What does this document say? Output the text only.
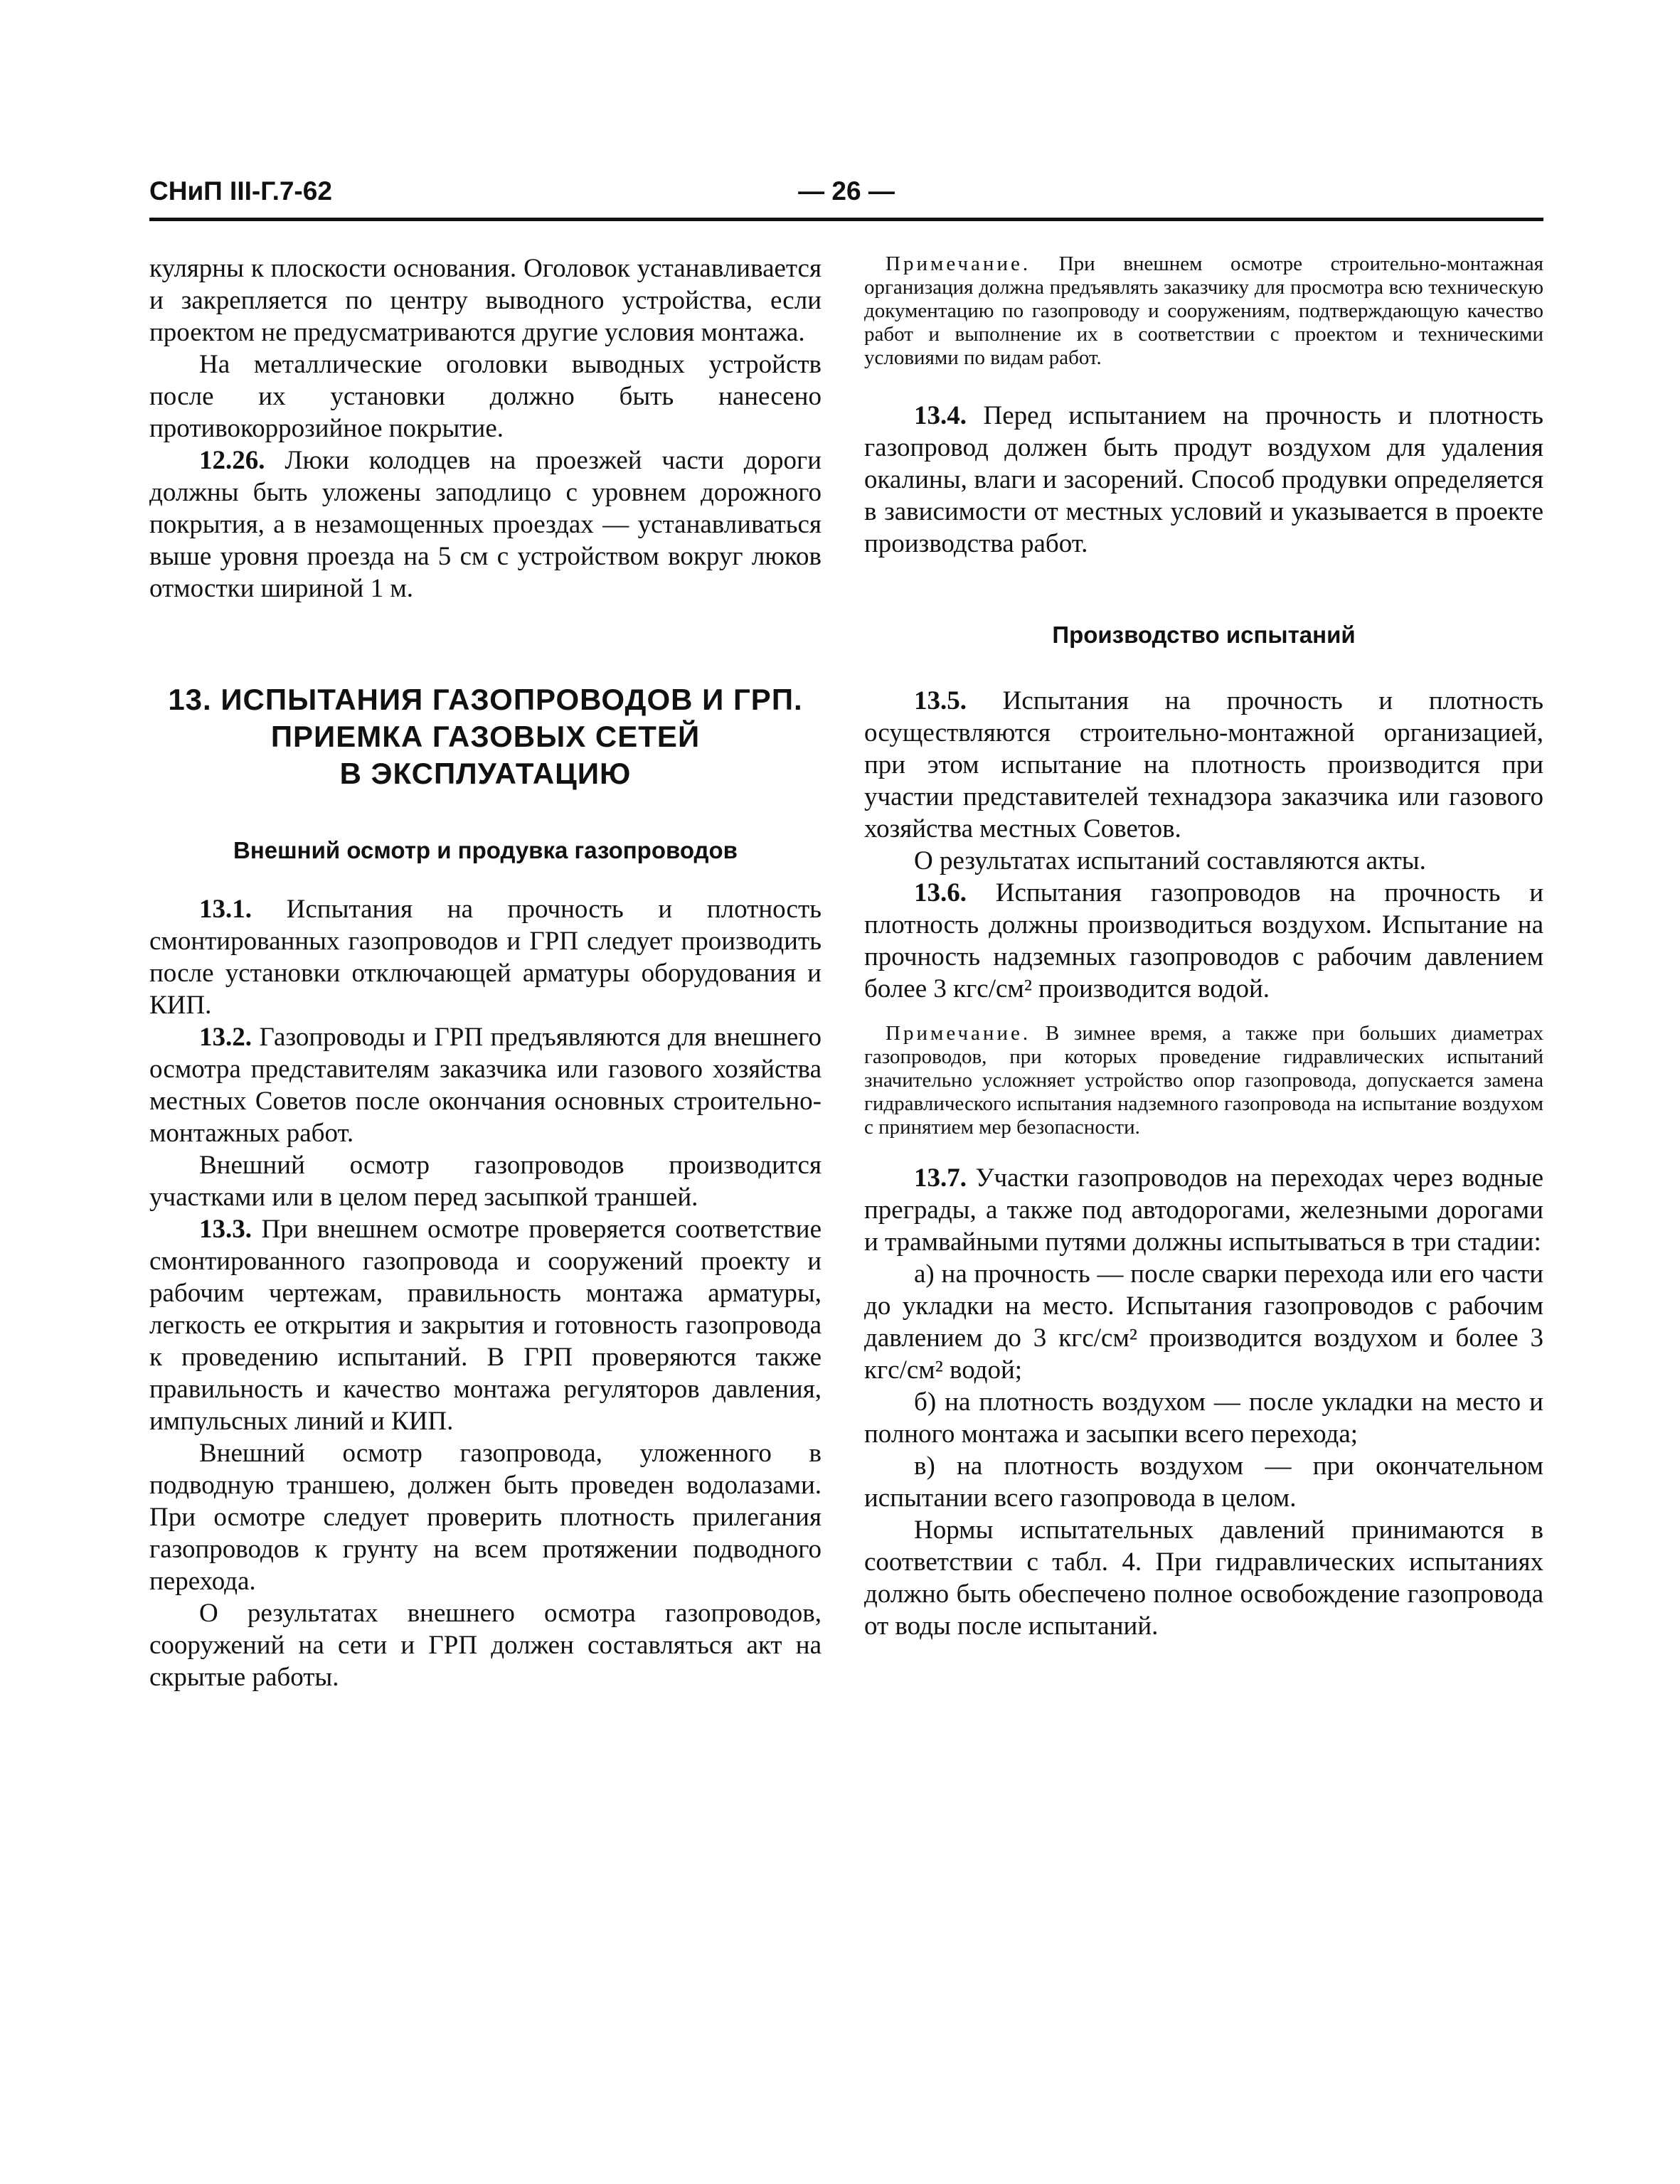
СНиП III-Г.7-62	— 26 —

кулярны к плоскости основания. Оголовок устанавливается и закрепляется по центру выводного устройства, если проектом не предусматриваются другие условия монтажа.

На металлические оголовки выводных устройств после их установки должно быть нанесено противокоррозийное покрытие.

12.26. Люки колодцев на проезжей части дороги должны быть уложены заподлицо с уровнем дорожного покрытия, а в незамощенных проездах — устанавливаться выше уровня проезда на 5 см с устройством вокруг люков отмостки шириной 1 м.

13. ИСПЫТАНИЯ ГАЗОПРОВОДОВ И ГРП.

ПРИЕМКА ГАЗОВЫХ СЕТЕЙ

В ЭКСПЛУАТАЦИЮ

Внешний осмотр и продувка газопроводов

13.1. Испытания на прочность и плотность смонтированных газопроводов и ГРП следует производить после установки отключающей арматуры оборудования и КИП.

13.2. Газопроводы и ГРП предъявляются для внешнего осмотра представителям заказчика или газового хозяйства местных Советов после окончания основных строительно-монтажных работ.

Внешний осмотр газопроводов производится участками или в целом перед засыпкой траншей.

13.3. При внешнем осмотре проверяется соответствие смонтированного газопровода и сооружений проекту и рабочим чертежам, правильность монтажа арматуры, легкость ее открытия и закрытия и готовность газопровода к проведению испытаний. В ГРП проверяются также правильность и качество монтажа регуляторов давления, импульсных линий и КИП.

Внешний осмотр газопровода, уложенного в подводную траншею, должен быть проведен водолазами. При осмотре следует проверить плотность прилегания газопроводов к грунту на всем протяжении подводного перехода.

О результатах внешнего осмотра газопроводов, сооружений на сети и ГРП должен составляться акт на скрытые работы.

Примечание. При внешнем осмотре строительно-монтажная организация должна предъявлять заказчику для просмотра всю техническую документацию по газопроводу и сооружениям, подтверждающую качество работ и выполнение их в соответствии с проектом и техническими условиями по видам работ.

13.4. Перед испытанием на прочность и плотность газопровод должен быть продут воздухом для удаления окалины, влаги и засорений. Способ продувки определяется в зависимости от местных условий и указывается в проекте производства работ.

Производство испытаний

13.5. Испытания на прочность и плотность осуществляются строительно-монтажной организацией, при этом испытание на плотность производится при участии представителей технадзора заказчика или газового хозяйства местных Советов.

О результатах испытаний составляются акты.

13.6. Испытания газопроводов на прочность и плотность должны производиться воздухом. Испытание на прочность надземных газопроводов с рабочим давлением более 3 кгс/см² производится водой.

Примечание. В зимнее время, а также при больших диаметрах газопроводов, при которых проведение гидравлических испытаний значительно усложняет устройство опор газопровода, допускается замена гидравлического испытания надземного газопровода на испытание воздухом с принятием мер безопасности.

13.7. Участки газопроводов на переходах через водные преграды, а также под автодорогами, железными дорогами и трамвайными путями должны испытываться в три стадии:

а) на прочность — после сварки перехода или его части до укладки на место. Испытания газопроводов с рабочим давлением до 3 кгс/см² производится воздухом и более 3 кгс/см² водой;

б) на плотность воздухом — после укладки на место и полного монтажа и засыпки всего перехода;

в) на плотность воздухом — при окончательном испытании всего газопровода в целом.

Нормы испытательных давлений принимаются в соответствии с табл. 4. При гидравлических испытаниях должно быть обеспечено полное освобождение газопровода от воды после испытаний.
